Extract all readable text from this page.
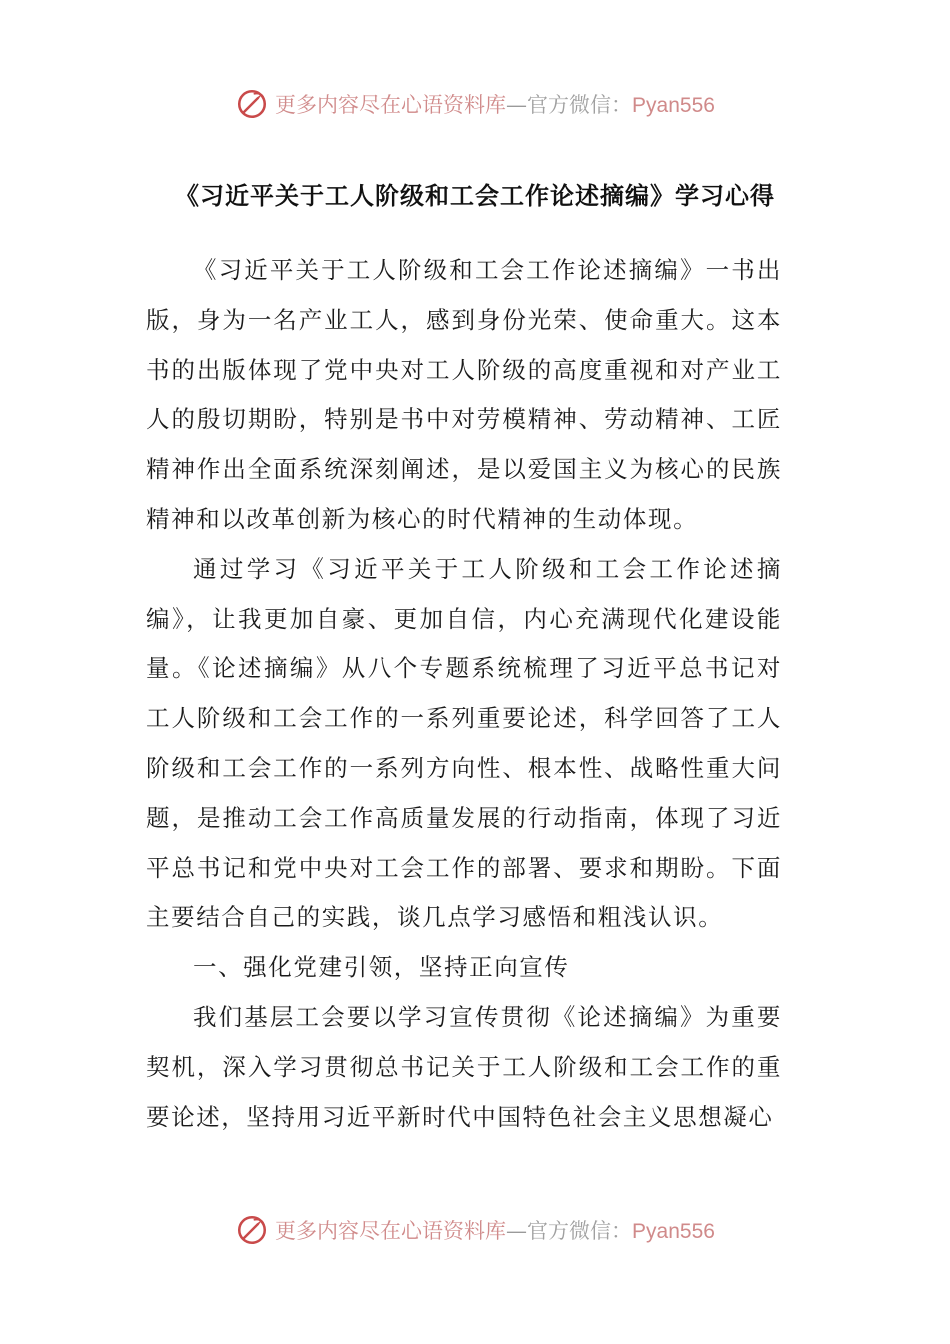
更多内容尽在心语资料库—官方微信：Pyan556
《习近平关于工人阶级和工会工作论述摘编》学习心得

《习近平关于工人阶级和工会工作论述摘编》一书出版，身为一名产业工人，感到身份光荣、使命重大。这本书的出版体现了党中央对工人阶级的高度重视和对产业工人的殷切期盼，特别是书中对劳模精神、劳动精神、工匠精神作出全面系统深刻阐述，是以爱国主义为核心的民族精神和以改革创新为核心的时代精神的生动体现。

通过学习《习近平关于工人阶级和工会工作论述摘编》，让我更加自豪、更加自信，内心充满现代化建设能量。《论述摘编》从八个专题系统梳理了习近平总书记对工人阶级和工会工作的一系列重要论述，科学回答了工人阶级和工会工作的一系列方向性、根本性、战略性重大问题，是推动工会工作高质量发展的行动指南，体现了习近平总书记和党中央对工会工作的部署、要求和期盼。下面主要结合自己的实践，谈几点学习感悟和粗浅认识。

一、强化党建引领，坚持正向宣传

我们基层工会要以学习宣传贯彻《论述摘编》为重要契机，深入学习贯彻总书记关于工人阶级和工会工作的重要论述，坚持用习近平新时代中国特色社会主义思想凝心

更多内容尽在心语资料库—官方微信：Pyan556
